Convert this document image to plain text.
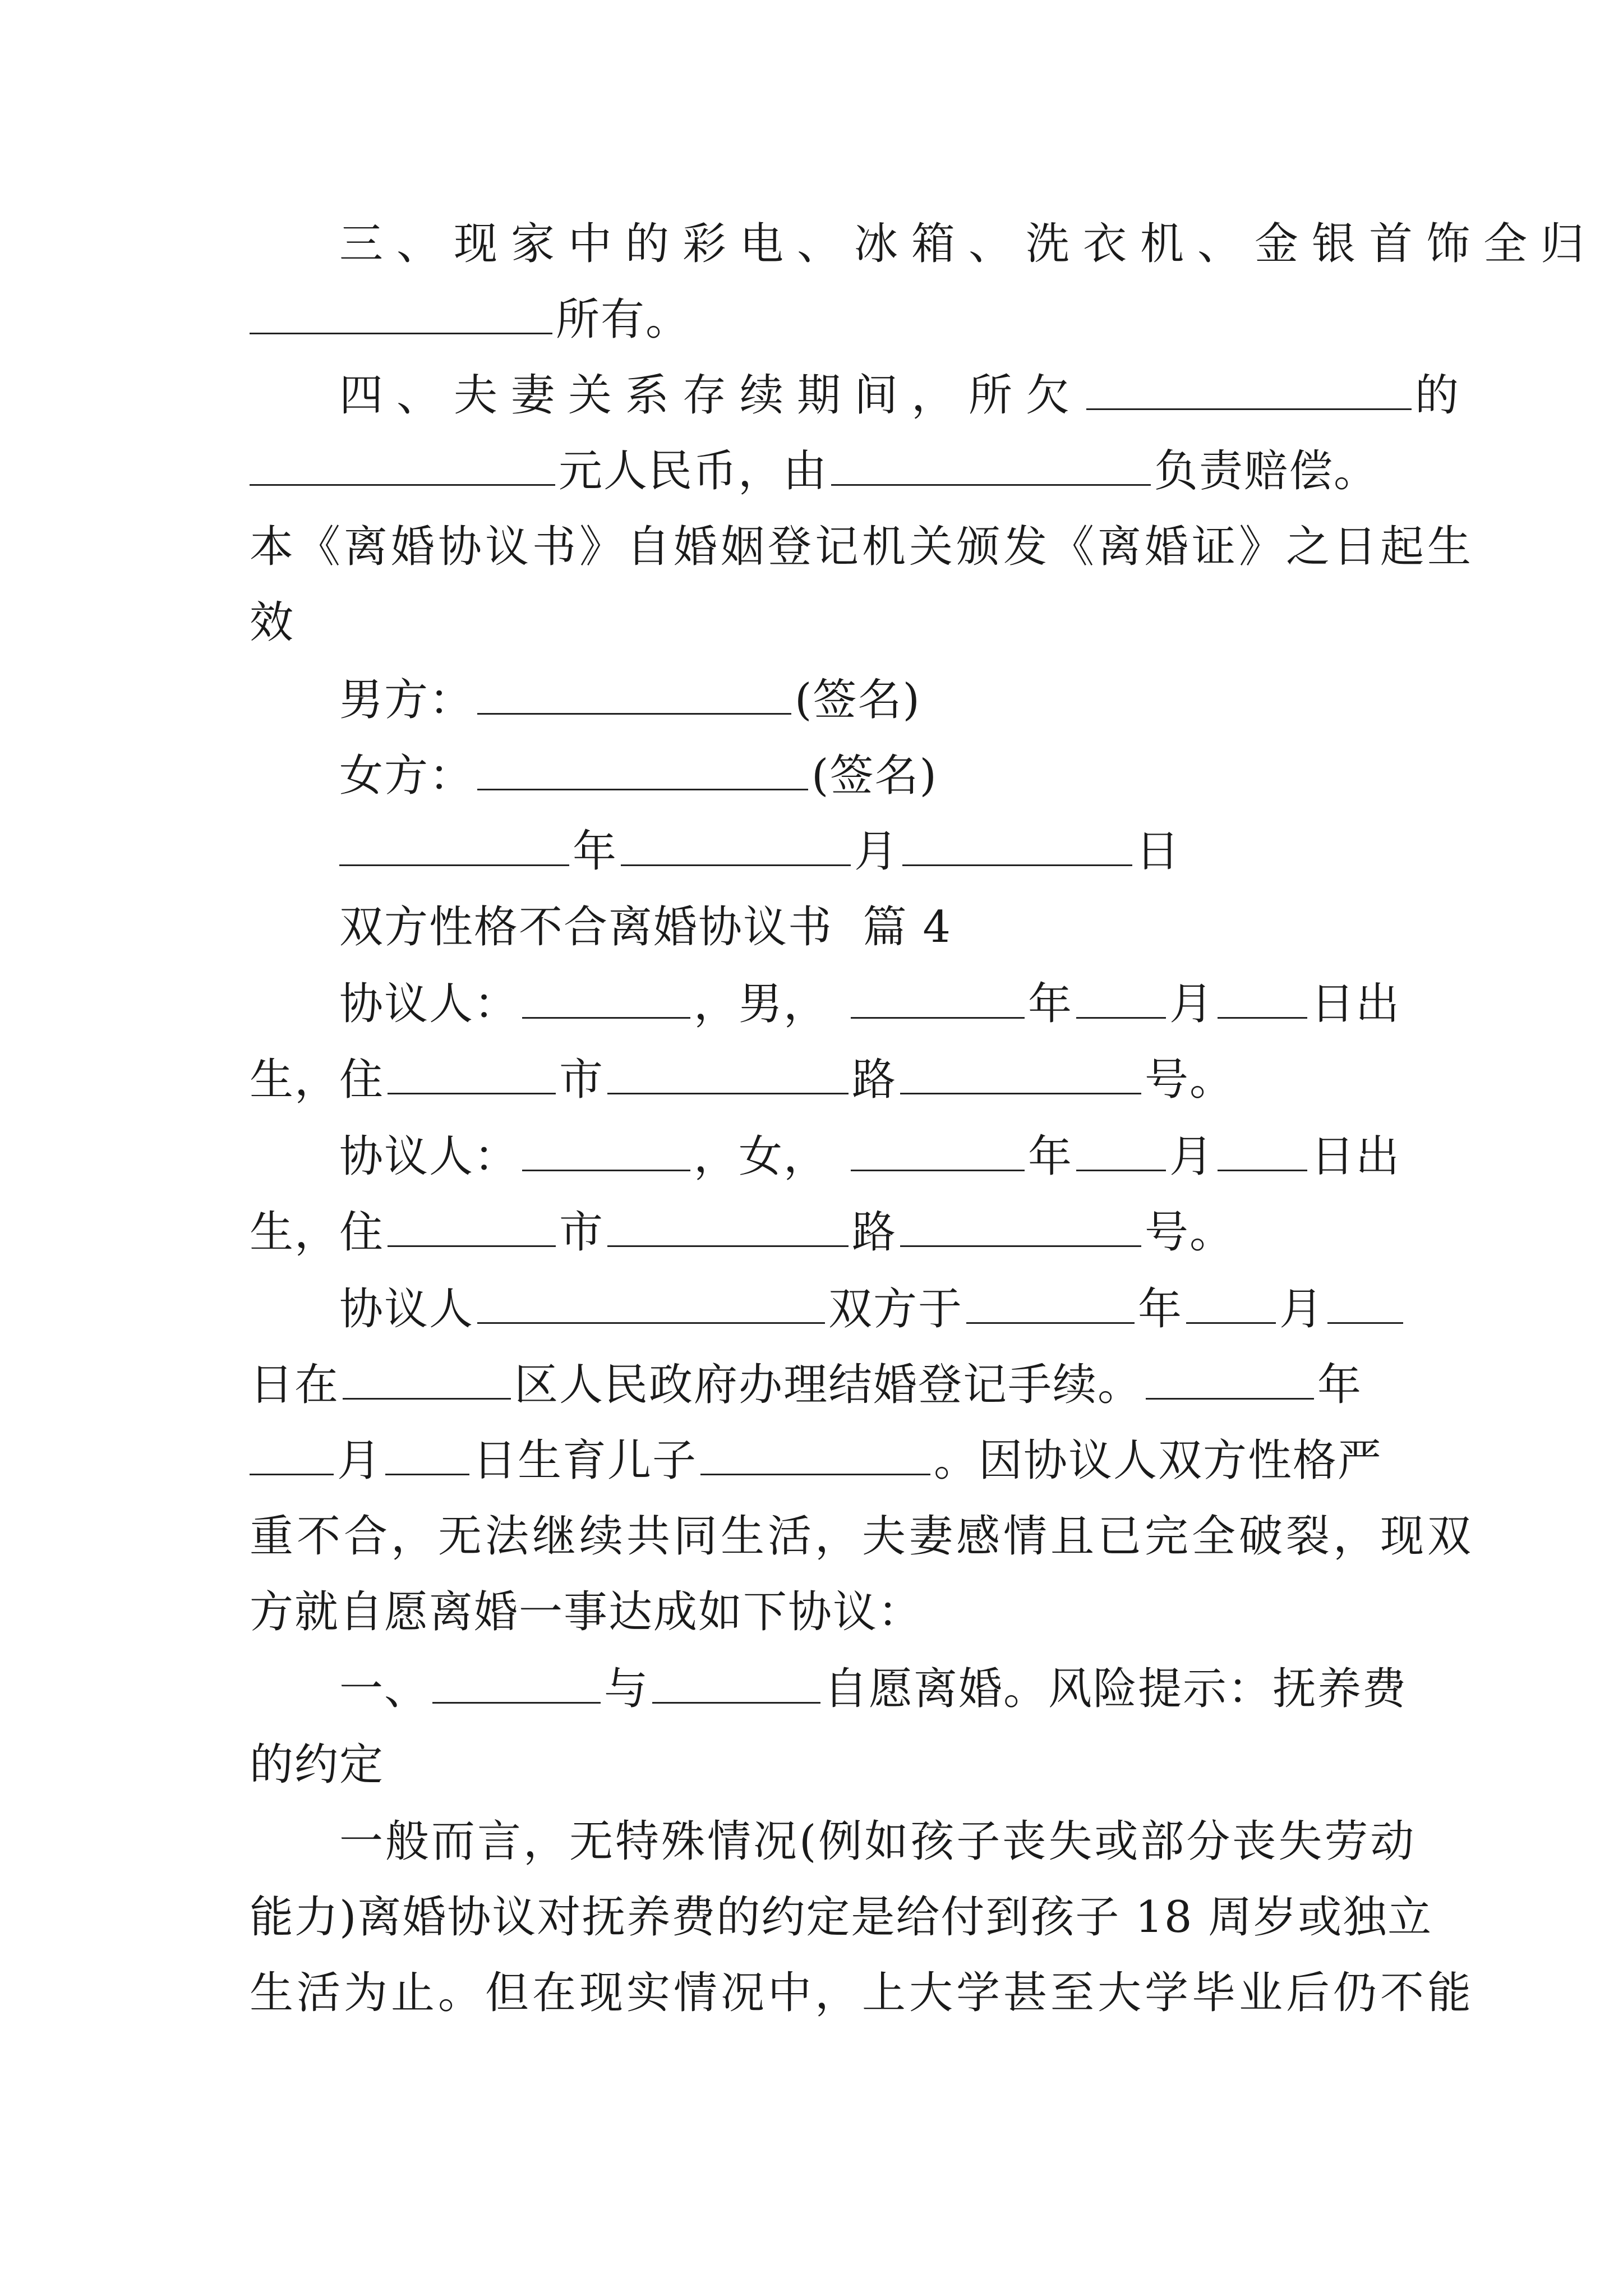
三、现家中的彩电、冰箱、洗衣机、金银首饰全归
所有。
四、夫妻关系存续期间，所欠	的
元人民币，由	负责赔偿。
本《离婚协议书》自婚姻登记机关颁发《离婚证》之日起生
效
男方：	(签名)
女方：	(签名)
年	月	日
双方性格不合离婚协议书  篇 4
协议人：	，男，	年 月 日出
生，住	市	路	号。
协议人：	，女，	年 月 日出
生，住	市	路	号。
协议人	双方于	年 月
日在	区人民政府办理结婚登记手续。	年
月 日生育儿子	。因协议人双方性格严
重不合，无法继续共同生活，夫妻感情且已完全破裂，现双
方就自愿离婚一事达成如下协议：
一、	与	自愿离婚。风险提示：抚养费
的约定
一般而言，无特殊情况(例如孩子丧失或部分丧失劳动
能力)离婚协议对抚养费的约定是给付到孩子 18 周岁或独立
生活为止。但在现实情况中，上大学甚至大学毕业后仍不能
